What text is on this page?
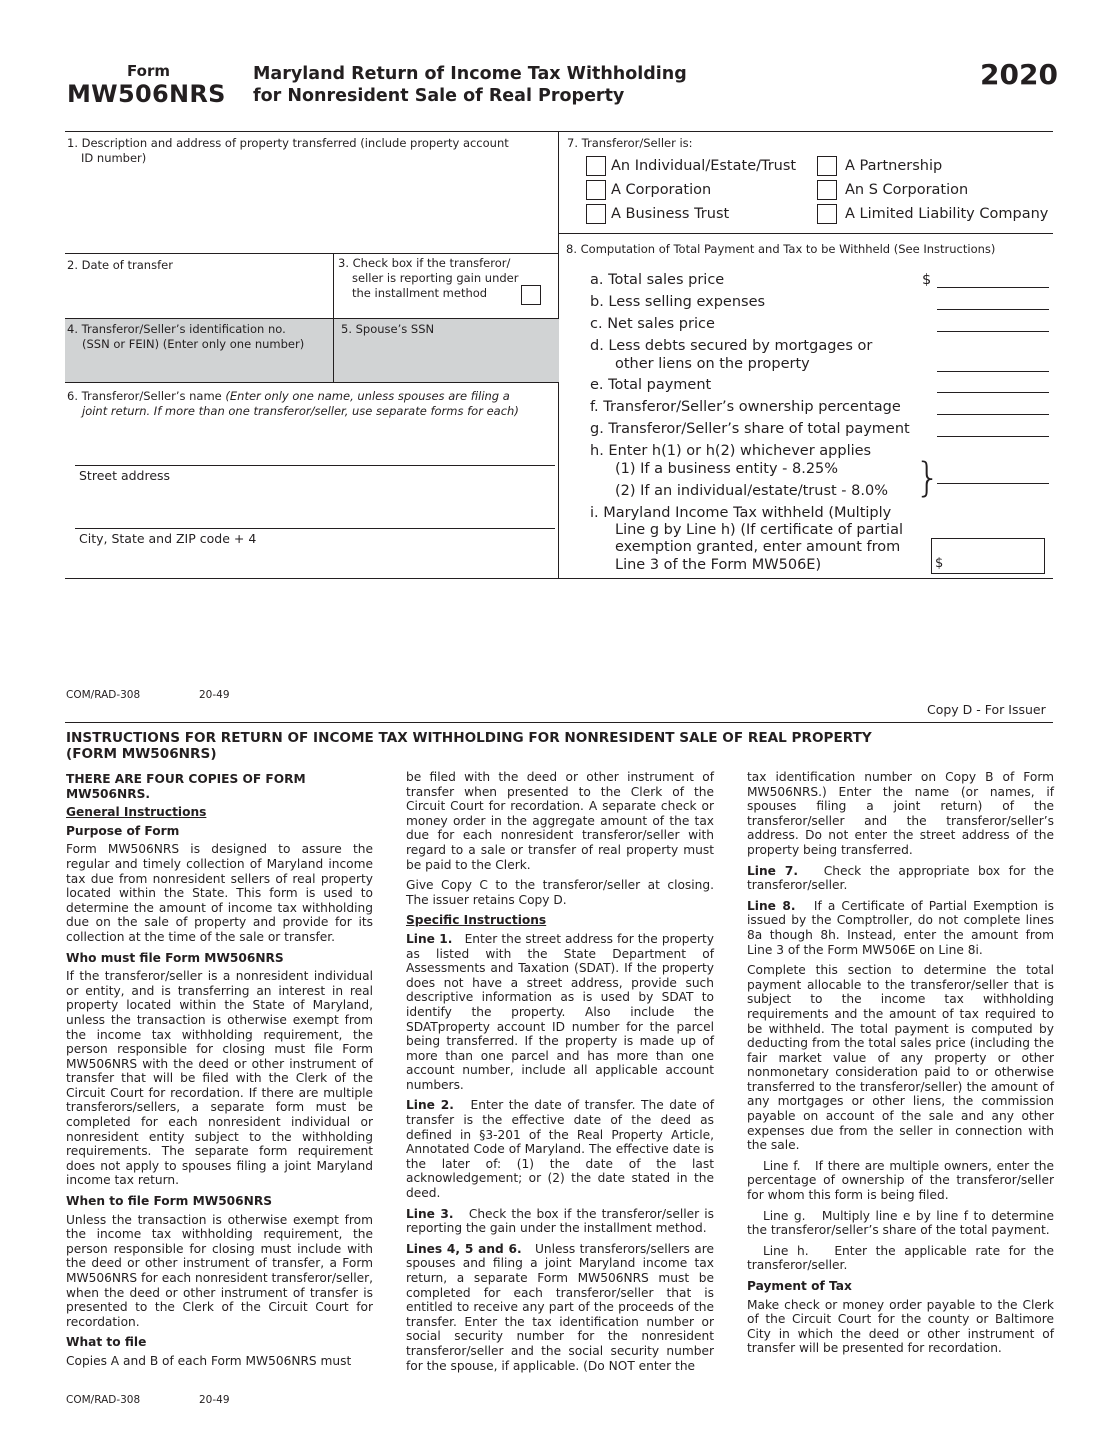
Form
MW506NRS
Maryland Return of Income Tax Withholding
for Nonresident Sale of Real Property
2020
1. Description and address of property transferred (include property account
ID number)
2. Date of transfer	3. Check box if the transferor/
seller is reporting gain under
the installment method
4. Transferor/Seller’s identification no.
(SSN or FEIN) (Enter only one number)
5. Spouse’s SSN
6. Transferor/Seller’s name (Enter only one name, unless spouses are filing a
joint return. If more than one transferor/seller, use separate forms for each)
Street address
City, State and ZIP code + 4
7. Transferor/Seller is:
An Individual/Estate/Trust	A Partnership
A Corporation	An S Corporation
A Business Trust	A Limited Liability Company
8. Computation of Total Payment and Tax to be Withheld (See Instructions)
a. Total sales price	$
b. Less selling expenses
c. Net sales price
d. Less debts secured by mortgages or
other liens on the property
e. Total payment
f. Transferor/Seller’s ownership percentage
g. Transferor/Seller’s share of total payment
h. Enter h(1) or h(2) whichever applies
(1) If a business entity - 8.25%
(2) If an individual/estate/trust - 8.0% }
i. Maryland Income Tax withheld (Multiply
Line g by Line h) (If certificate of partial
exemption granted, enter amount from
Line 3 of the Form MW506E)	$
COM/RAD-308	20-49
Copy D - For Issuer
INSTRUCTIONS FOR RETURN OF INCOME TAX WITHHOLDING FOR NONRESIDENT SALE OF REAL PROPERTY
(FORM MW506NRS)

THERE ARE FOUR COPIES OF FORM MW506NRS.

General Instructions

Purpose of Form

Form MW506NRS is designed to assure the regular and timely collection of Maryland income tax due from nonresident sellers of real property located within the State. This form is used to determine the amount of income tax withholding due on the sale of property and provide for its collection at the time of the sale or transfer.

Who must file Form MW506NRS

If the transferor/seller is a nonresident individual or entity, and is transferring an interest in real property located within the State of Maryland, unless the transaction is otherwise exempt from the income tax withholding requirement, the person responsible for closing must file Form MW506NRS with the deed or other instrument of transfer that will be filed with the Clerk of the Circuit Court for recordation. If there are multiple transferors/sellers, a separate form must be completed for each nonresident individual or nonresident entity subject to the withholding requirements. The separate form requirement does not apply to spouses filing a joint Maryland income tax return.

When to file Form MW506NRS

Unless the transaction is otherwise exempt from the income tax withholding requirement, the person responsible for closing must include with the deed or other instrument of transfer, a Form MW506NRS for each nonresident transferor/seller, when the deed or other instrument of transfer is presented to the Clerk of the Circuit Court for recordation.

What to file

Copies A and B of each Form MW506NRS must

be filed with the deed or other instrument of transfer when presented to the Clerk of the Circuit Court for recordation. A separate check or money order in the aggregate amount of the tax due for each nonresident transferor/seller with regard to a sale or transfer of real property must be paid to the Clerk.

Give Copy C to the transferor/seller at closing. The issuer retains Copy D.

Specific Instructions

Line 1. Enter the street address for the property as listed with the State Department of Assessments and Taxation (SDAT). If the property does not have a street address, provide such descriptive information as is used by SDAT to identify the property. Also include the SDATproperty account ID number for the parcel being transferred. If the property is made up of more than one parcel and has more than one account number, include all applicable account numbers.

Line 2. Enter the date of transfer. The date of transfer is the effective date of the deed as defined in §3-201 of the Real Property Article, Annotated Code of Maryland. The effective date is the later of: (1) the date of the last acknowledgement; or (2) the date stated in the deed.

Line 3. Check the box if the transferor/seller is reporting the gain under the installment method.

Lines 4, 5 and 6. Unless transferors/sellers are spouses and filing a joint Maryland income tax return, a separate Form MW506NRS must be completed for each transferor/seller that is entitled to receive any part of the proceeds of the transfer. Enter the tax identification number or social security number for the nonresident transferor/seller and the social security number for the spouse, if applicable. (Do NOT enter the

tax identification number on Copy B of Form MW506NRS.) Enter the name (or names, if spouses filing a joint return) of the transferor/seller and the transferor/seller’s address. Do not enter the street address of the property being transferred.

Line 7. Check the appropriate box for the transferor/seller.

Line 8. If a Certificate of Partial Exemption is issued by the Comptroller, do not complete lines 8a though 8h. Instead, enter the amount from Line 3 of the Form MW506E on Line 8i.

Complete this section to determine the total payment allocable to the transferor/seller that is subject to the income tax withholding requirements and the amount of tax required to be withheld. The total payment is computed by deducting from the total sales price (including the fair market value of any property or other nonmonetary consideration paid to or otherwise transferred to the transferor/seller) the amount of any mortgages or other liens, the commission payable on account of the sale and any other expenses due from the seller in connection with the sale.

Line f. If there are multiple owners, enter the percentage of ownership of the transferor/seller for whom this form is being filed.

Line g. Multiply line e by line f to determine the transferor/seller’s share of the total payment.

Line h. Enter the applicable rate for the transferor/seller.

Payment of Tax

Make check or money order payable to the Clerk of the Circuit Court for the county or Baltimore City in which the deed or other instrument of transfer will be presented for recordation.

COM/RAD-308	20-49
